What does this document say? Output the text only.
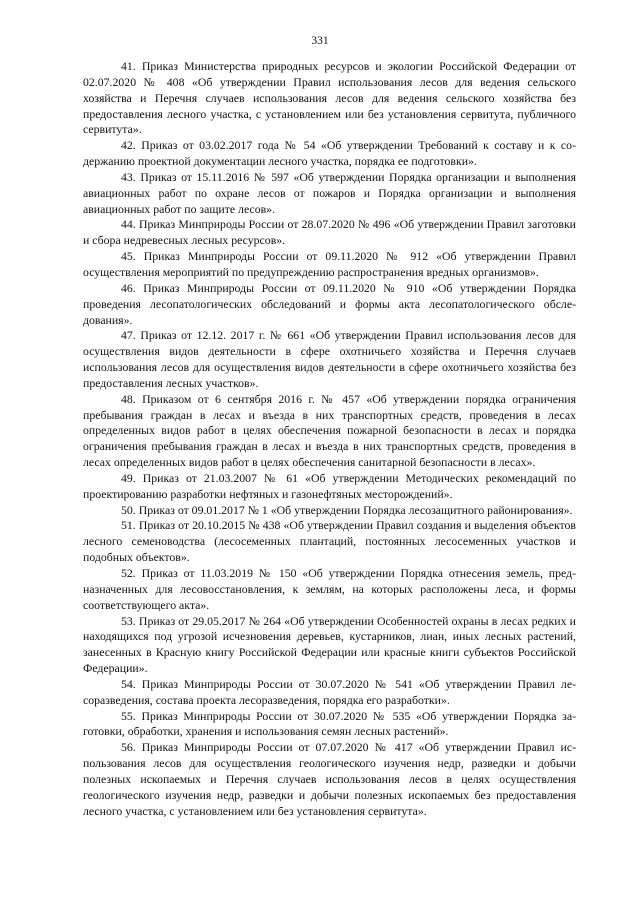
331

41. Приказ Министерства природных ресурсов и экологии Российской Федерации от 02.07.2020 № 408 «Об утверждении Правил использования лесов для ведения сельского хозяйства и Перечня случаев использования лесов для ведения сельского хозяйства без предоставления лесного участка, с установлением или без установления сервитута, публичного сервитута».

42. Приказ от 03.02.2017 года № 54 «Об утверждении Требований к составу и к содержанию проектной документации лесного участка, порядка ее подготовки».

43. Приказ от 15.11.2016 № 597 «Об утверждении Порядка организации и выполнения авиационных работ по охране лесов от пожаров и Порядка организации и выполнения авиационных работ по защите лесов».

44. Приказ Минприроды России от 28.07.2020 № 496 «Об утверждении Правил заготовки и сбора недревесных лесных ресурсов».

45. Приказ Минприроды России от 09.11.2020 № 912 «Об утверждении Правил осуществления мероприятий по предупреждению распространения вредных организмов».

46. Приказ Минприроды России от 09.11.2020 № 910 «Об утверждении Порядка проведения лесопатологических обследований и формы акта лесопатологического обследования».

47. Приказ от 12.12. 2017 г. № 661 «Об утверждении Правил использования лесов для осуществления видов деятельности в сфере охотничьего хозяйства и Перечня случаев использования лесов для осуществления видов деятельности в сфере охотничьего хозяйства без предоставления лесных участков».

48. Приказом от 6 сентября 2016 г. № 457 «Об утверждении порядка ограничения пребывания граждан в лесах и въезда в них транспортных средств, проведения в лесах определенных видов работ в целях обеспечения пожарной безопасности в лесах и порядка ограничения пребывания граждан в лесах и въезда в них транспортных средств, проведения в лесах определенных видов работ в целях обеспечения санитарной безопасности в лесах».

49. Приказ от 21.03.2007 № 61 «Об утверждении Методических рекомендаций по проектированию разработки нефтяных и газонефтяных месторождений».

50. Приказ от 09.01.2017 № 1 «Об утверждении Порядка лесозащитного районирования».

51. Приказ от 20.10.2015 № 438 «Об утверждении Правил создания и выделения объектов лесного семеноводства (лесосеменных плантаций, постоянных лесосеменных участков и подобных объектов».

52. Приказ от 11.03.2019 № 150 «Об утверждении Порядка отнесения земель, предназначенных для лесовосстановления, к землям, на которых расположены леса, и формы соответствующего акта».

53. Приказ от 29.05.2017 № 264 «Об утверждении Особенностей охраны в лесах редких и находящихся под угрозой исчезновения деревьев, кустарников, лиан, иных лесных растений, занесенных в Красную книгу Российской Федерации или красные книги субъектов Российской Федерации».

54. Приказ Минприроды России от 30.07.2020 № 541 «Об утверждении Правил лесоразведения, состава проекта лесоразведения, порядка его разработки».

55. Приказ Минприроды России от 30.07.2020 № 535 «Об утверждении Порядка заготовки, обработки, хранения и использования семян лесных растений».

56. Приказ Минприроды России от 07.07.2020 № 417 «Об утверждении Правил использования лесов для осуществления геологического изучения недр, разведки и добычи полезных ископаемых и Перечня случаев использования лесов в целях осуществления геологического изучения недр, разведки и добычи полезных ископаемых без предоставления лесного участка, с установлением или без установления сервитута».
